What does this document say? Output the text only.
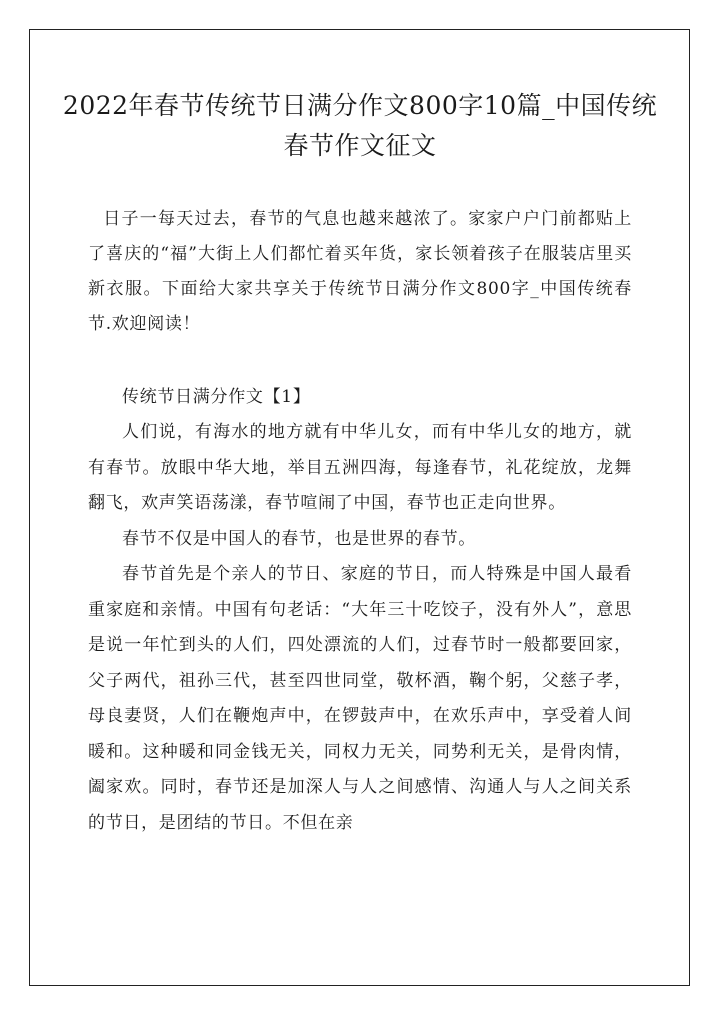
2022年春节传统节日满分作文800字10篇_中国传统春节作文征文

日子一每天过去，春节的气息也越来越浓了。家家户户门前都贴上了喜庆的“福”大街上人们都忙着买年货，家长领着孩子在服装店里买新衣服。下面给大家共享关于传统节日满分作文800字_中国传统春节.欢迎阅读！

传统节日满分作文【1】

人们说，有海水的地方就有中华儿女，而有中华儿女的地方，就有春节。放眼中华大地，举目五洲四海，每逢春节，礼花绽放，龙舞翻飞，欢声笑语荡漾，春节喧闹了中国，春节也正走向世界。

春节不仅是中国人的春节，也是世界的春节。

春节首先是个亲人的节日、家庭的节日，而人特殊是中国人最看重家庭和亲情。中国有句老话：“大年三十吃饺子，没有外人”，意思是说一年忙到头的人们，四处漂流的人们，过春节时一般都要回家，父子两代，祖孙三代，甚至四世同堂，敬杯酒，鞠个躬，父慈子孝，母良妻贤，人们在鞭炮声中，在锣鼓声中，在欢乐声中，享受着人间暖和。这种暖和同金钱无关，同权力无关，同势利无关，是骨肉情，阖家欢。同时，春节还是加深人与人之间感情、沟通人与人之间关系的节日，是团结的节日。不但在亲
